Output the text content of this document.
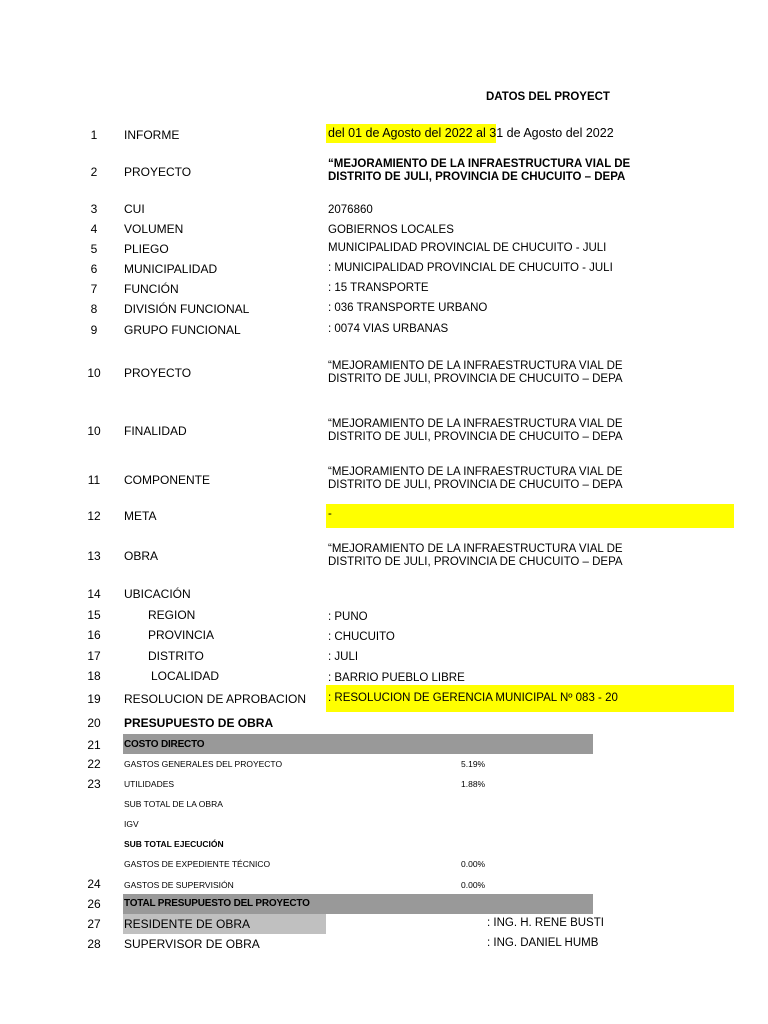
DATOS DEL PROYECT
1	INFORME	del 01 de Agosto del 2022 al 31 de Agosto del 2022
2	PROYECTO
“MEJORAMIENTO DE LA INFRAESTRUCTURA VIAL DE
DISTRITO DE JULI, PROVINCIA DE CHUCUITO – DEPA
3	CUI	2076860
4	VOLUMEN	GOBIERNOS LOCALES
5	PLIEGO	MUNICIPALIDAD PROVINCIAL DE CHUCUITO - JULI
6	MUNICIPALIDAD	: MUNICIPALIDAD PROVINCIAL DE CHUCUITO - JULI
7	FUNCIÓN	: 15 TRANSPORTE
8	DIVISIÓN FUNCIONAL	: 036 TRANSPORTE URBANO
9	GRUPO FUNCIONAL	: 0074 VIAS URBANAS
10	PROYECTO	“MEJORAMIENTO DE LA INFRAESTRUCTURA VIAL DE
DISTRITO DE JULI, PROVINCIA DE CHUCUITO – DEPA
10	FINALIDAD	“MEJORAMIENTO DE LA INFRAESTRUCTURA VIAL DE
DISTRITO DE JULI, PROVINCIA DE CHUCUITO – DEPA
11	COMPONENTE
“MEJORAMIENTO DE LA INFRAESTRUCTURA VIAL DE
DISTRITO DE JULI, PROVINCIA DE CHUCUITO – DEPA
12	META	-
13	OBRA	“MEJORAMIENTO DE LA INFRAESTRUCTURA VIAL DE
DISTRITO DE JULI, PROVINCIA DE CHUCUITO – DEPA
14	UBICACIÓN
15	REGION	: PUNO
16	PROVINCIA	: CHUCUITO
17	DISTRITO	: JULI
18	LOCALIDAD	: BARRIO PUEBLO LIBRE
19	RESOLUCION DE APROBACION : RESOLUCION DE GERENCIA MUNICIPAL Nº 083 - 20
20	PRESUPUESTO DE OBRA
21	COSTO DIRECTO
22	GASTOS GENERALES DEL PROYECTO	5.19%
23	UTILIDADES	1.88%
SUB TOTAL DE LA OBRA
IGV
SUB TOTAL EJECUCIÓN
GASTOS DE EXPEDIENTE TÉCNICO	0.00%
24	GASTOS DE SUPERVISIÓN	0.00%
26	TOTAL PRESUPUESTO DEL PROYECTO
27	RESIDENTE DE OBRA	: ING. H. RENE BUSTI
28	SUPERVISOR DE OBRA	: ING. DANIEL HUMB
